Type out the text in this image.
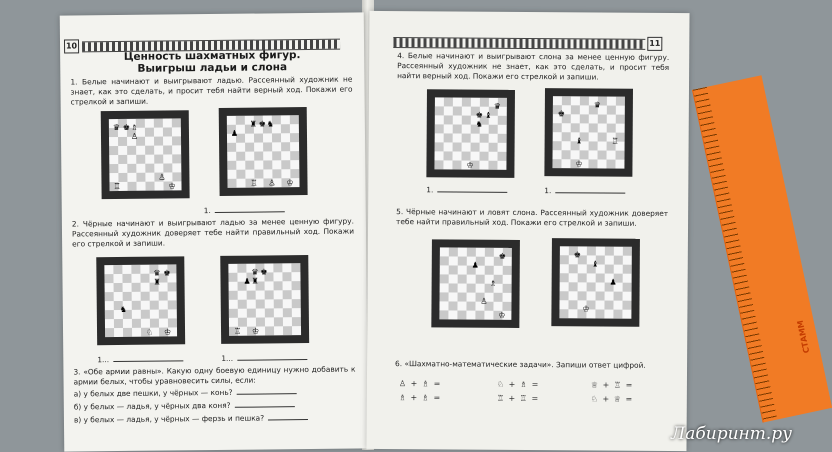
10
Ценность шахматных фигур.
Выигрыш ладьи и слона
1. Белые начинают и выигрывают ладью. Рассеянный художник не знает, как это сделать, и просит тебя найти верный ход. Покажи его стрелкой и запиши.
♛ ♚ ♗
♙
♖
♙
♔
♟
♜ ♚ ♞
♖ ♙ ♔
1.
2. Чёрные начинают и выигрывают ладью за менее ценную фигуру. Рассеянный художник доверяет тебе найти правильный ход. Покажи его стрелкой и запиши.
♛ ♚
♜
♞
♘ ♔
♛ ♚
♟ ♜
♖ ♔
1...	1...
3. «Обе армии равны». Какую одну боевую единицу нужно добавить к армии белых, чтобы уравновесить силы, если:
а) у белых две пешки, у чёрных — конь?
б) у белых — ладья, у чёрных два коня?
в) у белых — ладья, у чёрных — ферзь и пешка?
11
4. Белые начинают и выигрывают слона за менее ценную фигуру. Рассеянный художник не знает, как это сделать, и просит тебя найти верный ход. Покажи его стрелкой и запиши.
♛
♚ ♝
♞
♔
♚
♛
♝	♖
♔
1.	1.
5. Чёрные начинают и ловят слона. Рассеянный художник доверяет тебе найти правильный ход. Покажи его стрелкой и запиши.
♚
♟
♗
♙
♔
♚
♝
♟
♔
6. «Шахматно-математические задачи». Запиши ответ цифрой.
♙ + ♗ =
♗ + ♗ =
♘ + ♗ =
♖ + ♖ =
♕ + ♖ =
♘ + ♕ =
СТАММ
Лабиринт.ру
